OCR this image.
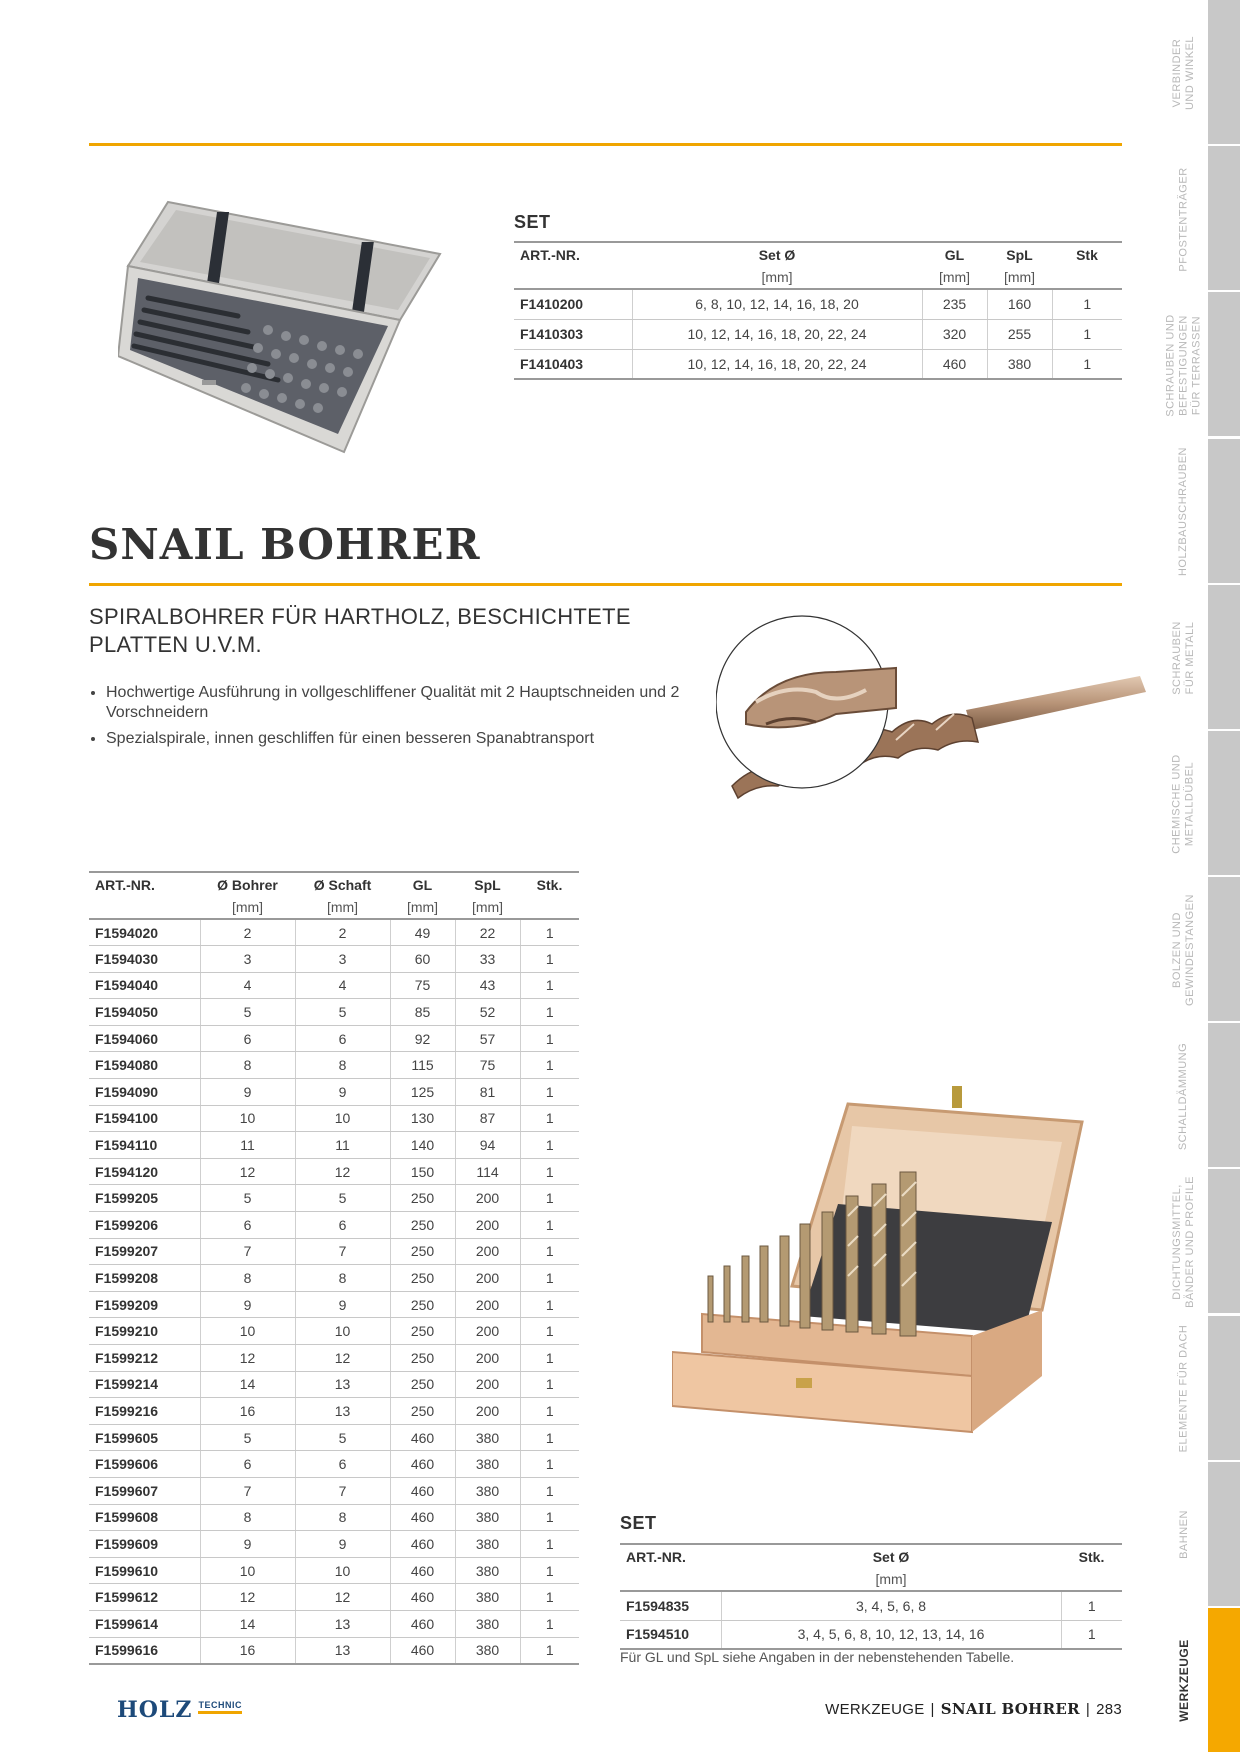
SET
ART.-NR.	Set Ø	GL	SpL	Stk
	[mm]	[mm]	[mm]	
F1410200	6, 8, 10, 12, 14, 16, 18, 20	235	160	1
F1410303	10, 12, 14, 16, 18, 20, 22, 24	320	255	1
F1410403	10, 12, 14, 16, 18, 20, 22, 24	460	380	1
SNAIL BOHRER
SPIRALBOHRER FÜR HARTHOLZ, BESCHICHTETE PLATTEN U.V.M.
• Hochwertige Ausführung in vollgeschliffener Qualität mit 2 Hauptschneiden und 2 Vorschneidern
• Spezialspirale, innen geschliffen für einen besseren Spanabtransport
ART.-NR.	Ø Bohrer	Ø Schaft	GL	SpL	Stk.
	[mm]	[mm]	[mm]	[mm]	
F1594020	2	2	49	22	1
F1594030	3	3	60	33	1
F1594040	4	4	75	43	1
F1594050	5	5	85	52	1
F1594060	6	6	92	57	1
F1594080	8	8	115	75	1
F1594090	9	9	125	81	1
F1594100	10	10	130	87	1
F1594110	11	11	140	94	1
F1594120	12	12	150	114	1
F1599205	5	5	250	200	1
F1599206	6	6	250	200	1
F1599207	7	7	250	200	1
F1599208	8	8	250	200	1
F1599209	9	9	250	200	1
F1599210	10	10	250	200	1
F1599212	12	12	250	200	1
F1599214	14	13	250	200	1
F1599216	16	13	250	200	1
F1599605	5	5	460	380	1
F1599606	6	6	460	380	1
F1599607	7	7	460	380	1
F1599608	8	8	460	380	1
F1599609	9	9	460	380	1
F1599610	10	10	460	380	1
F1599612	12	12	460	380	1
F1599614	14	13	460	380	1
F1599616	16	13	460	380	1
SET
ART.-NR.	Set Ø	Stk.
	[mm]	
F1594835	3, 4, 5, 6, 8	1
F1594510	3, 4, 5, 6, 8, 10, 12, 13, 14, 16	1
Für GL und SpL siehe Angaben in der nebenstehenden Tabelle.
HOLZ TECHNIC	WERKZEUGE | SNAIL BOHRER | 283
VERBINDER
UND WINKEL
PFOSTENTRÄGER
SCHRAUBEN UND
BEFESTIGUNGEN
FÜR TERRASSEN
HOLZBAUSCHRAUBEN
SCHRAUBEN
FÜR METALL
CHEMISCHE UND
METALLDÜBEL
BOLZEN UND
GEWINDESTANGEN
SCHALLDÄMMUNG
DICHTUNGSMITTEL,
BÄNDER UND PROFILE
ELEMENTE FÜR DACH
BAHNEN
WERKZEUGE
